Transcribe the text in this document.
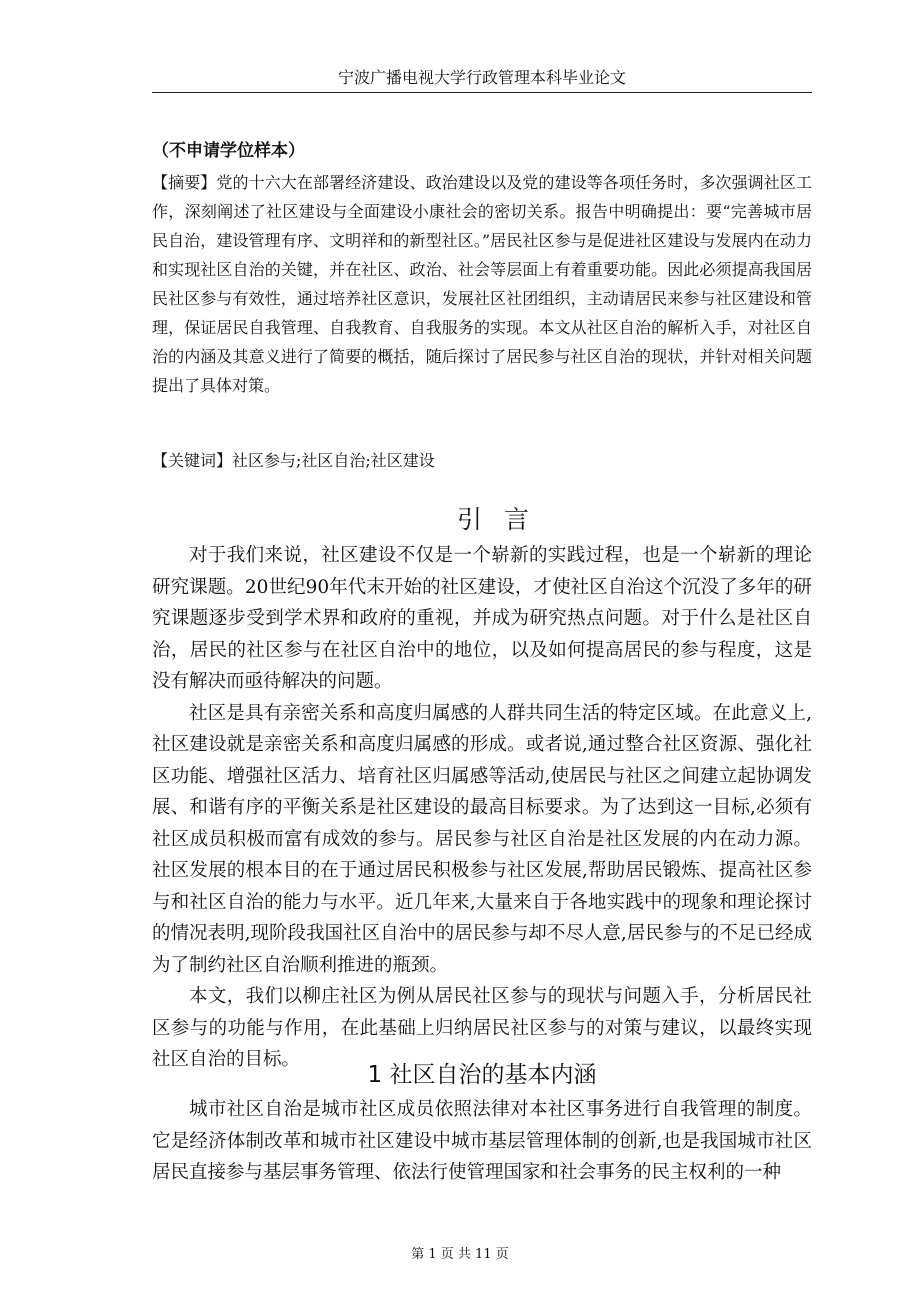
宁波广播电视大学行政管理本科毕业论文
（不申请学位样本）
【摘要】党的十六大在部署经济建设、政治建设以及党的建设等各项任务时，多次强调社区工作，深刻阐述了社区建设与全面建设小康社会的密切关系。报告中明确提出：要“完善城市居民自治，建设管理有序、文明祥和的新型社区。”居民社区参与是促进社区建设与发展内在动力和实现社区自治的关键，并在社区、政治、社会等层面上有着重要功能。因此必须提高我国居民社区参与有效性，通过培养社区意识，发展社区社团组织，主动请居民来参与社区建设和管理，保证居民自我管理、自我教育、自我服务的实现。本文从社区自治的解析入手，对社区自治的内涵及其意义进行了简要的概括，随后探讨了居民参与社区自治的现状，并针对相关问题提出了具体对策。
【关键词】社区参与;社区自治;社区建设
引言

对于我们来说，社区建设不仅是一个崭新的实践过程，也是一个崭新的理论研究课题。20世纪90年代末开始的社区建设，才使社区自治这个沉没了多年的研究课题逐步受到学术界和政府的重视，并成为研究热点问题。对于什么是社区自治，居民的社区参与在社区自治中的地位，以及如何提高居民的参与程度，这是没有解决而亟待解决的问题。

社区是具有亲密关系和高度归属感的人群共同生活的特定区域。在此意义上,社区建设就是亲密关系和高度归属感的形成。或者说,通过整合社区资源、强化社区功能、增强社区活力、培育社区归属感等活动,使居民与社区之间建立起协调发展、和谐有序的平衡关系是社区建设的最高目标要求。为了达到这一目标,必须有社区成员积极而富有成效的参与。居民参与社区自治是社区发展的内在动力源。社区发展的根本目的在于通过居民积极参与社区发展,帮助居民锻炼、提高社区参与和社区自治的能力与水平。近几年来,大量来自于各地实践中的现象和理论探讨的情况表明,现阶段我国社区自治中的居民参与却不尽人意,居民参与的不足已经成为了制约社区自治顺利推进的瓶颈。

本文，我们以柳庄社区为例从居民社区参与的现状与问题入手，分析居民社区参与的功能与作用，在此基础上归纳居民社区参与的对策与建议，以最终实现社区自治的目标。

1 社区自治的基本内涵

城市社区自治是城市社区成员依照法律对本社区事务进行自我管理的制度。它是经济体制改革和城市社区建设中城市基层管理体制的创新,也是我国城市社区居民直接参与基层事务管理、依法行使管理国家和社会事务的民主权利的一种

第 1 页 共 11 页
